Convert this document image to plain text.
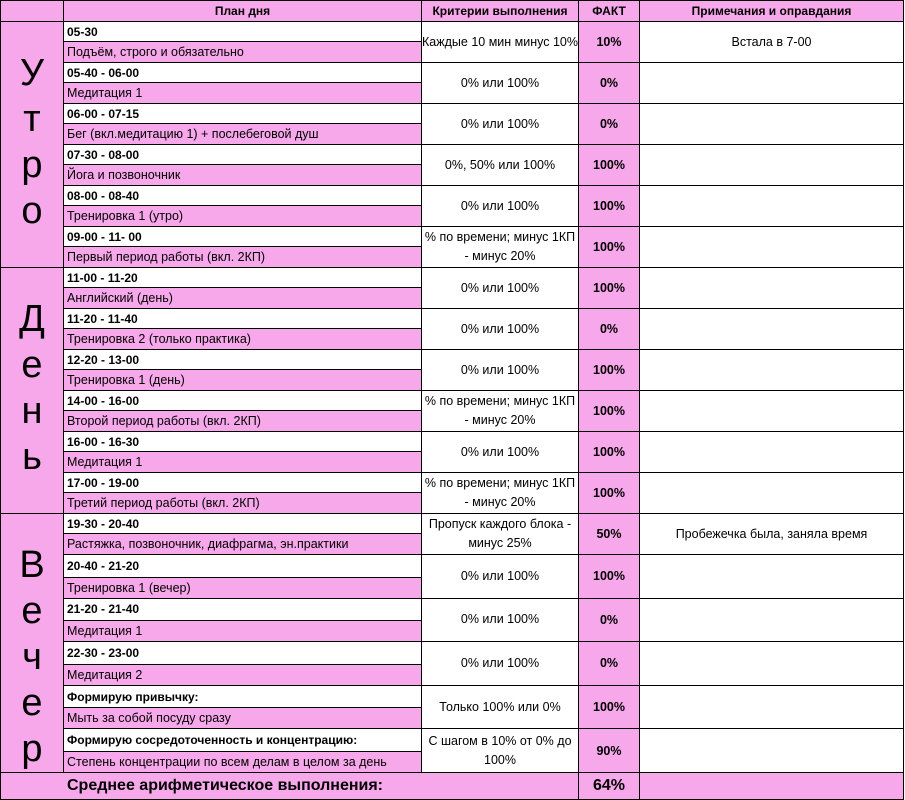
	План дня	Критерии выполнения	ФАКТ	Примечания и оправдания

У
т
р
о	05-30	Каждые 10 мин минус 10%	10%	Встала в 7-00
	Подъём, строго и обязательно			
	05-40 - 06-00	0% или 100%	0%	
	Медитация 1			
	06-00 - 07-15	0% или 100%	0%	
	Бег (вкл.медитацию 1) + послебеговой душ			
	07-30 - 08-00	0%, 50% или 100%	100%	
	Йога и позвоночник			
	08-00 - 08-40	0% или 100%	100%	
	Тренировка 1 (утро)			
	09-00 - 11- 00	% по времени; минус 1КП - минус 20%	100%	
	Первый период работы (вкл. 2КП)			

Д
е
н
ь	11-00 - 11-20	0% или 100%	100%	
	Английский (день)			
	11-20 - 11-40	0% или 100%	0%	
	Тренировка 2 (только практика)			
	12-20 - 13-00	0% или 100%	100%	
	Тренировка 1 (день)			
	14-00 - 16-00	% по времени; минус 1КП - минус 20%	100%	
	Второй период работы (вкл. 2КП)			
	16-00 - 16-30	0% или 100%	100%	
	Медитация 1			
	17-00 - 19-00	% по времени; минус 1КП - минус 20%	100%	
	Третий период работы (вкл. 2КП)			

В
е
ч
е
р	19-30 - 20-40	Пропуск каждого блока - минус 25%	50%	Пробежечка была, заняла время
	Растяжка, позвоночник, диафрагма, эн.практики			
	20-40 - 21-20	0% или 100%	100%	
	Тренировка 1 (вечер)			
	21-20 - 21-40	0% или 100%	0%	
	Медитация 1			
	22-30 - 23-00	0% или 100%	0%	
	Медитация 2			
	Формирую привычку:	Только 100% или 0%	100%	
	Мыть за собой посуду сразу			
	Формирую сосредоточенность и концентрацию:	С шагом в 10% от 0% до 100%	90%	
	Степень концентрации по всем делам в целом за день			
Среднее арифметическое выполнения:			64%	
